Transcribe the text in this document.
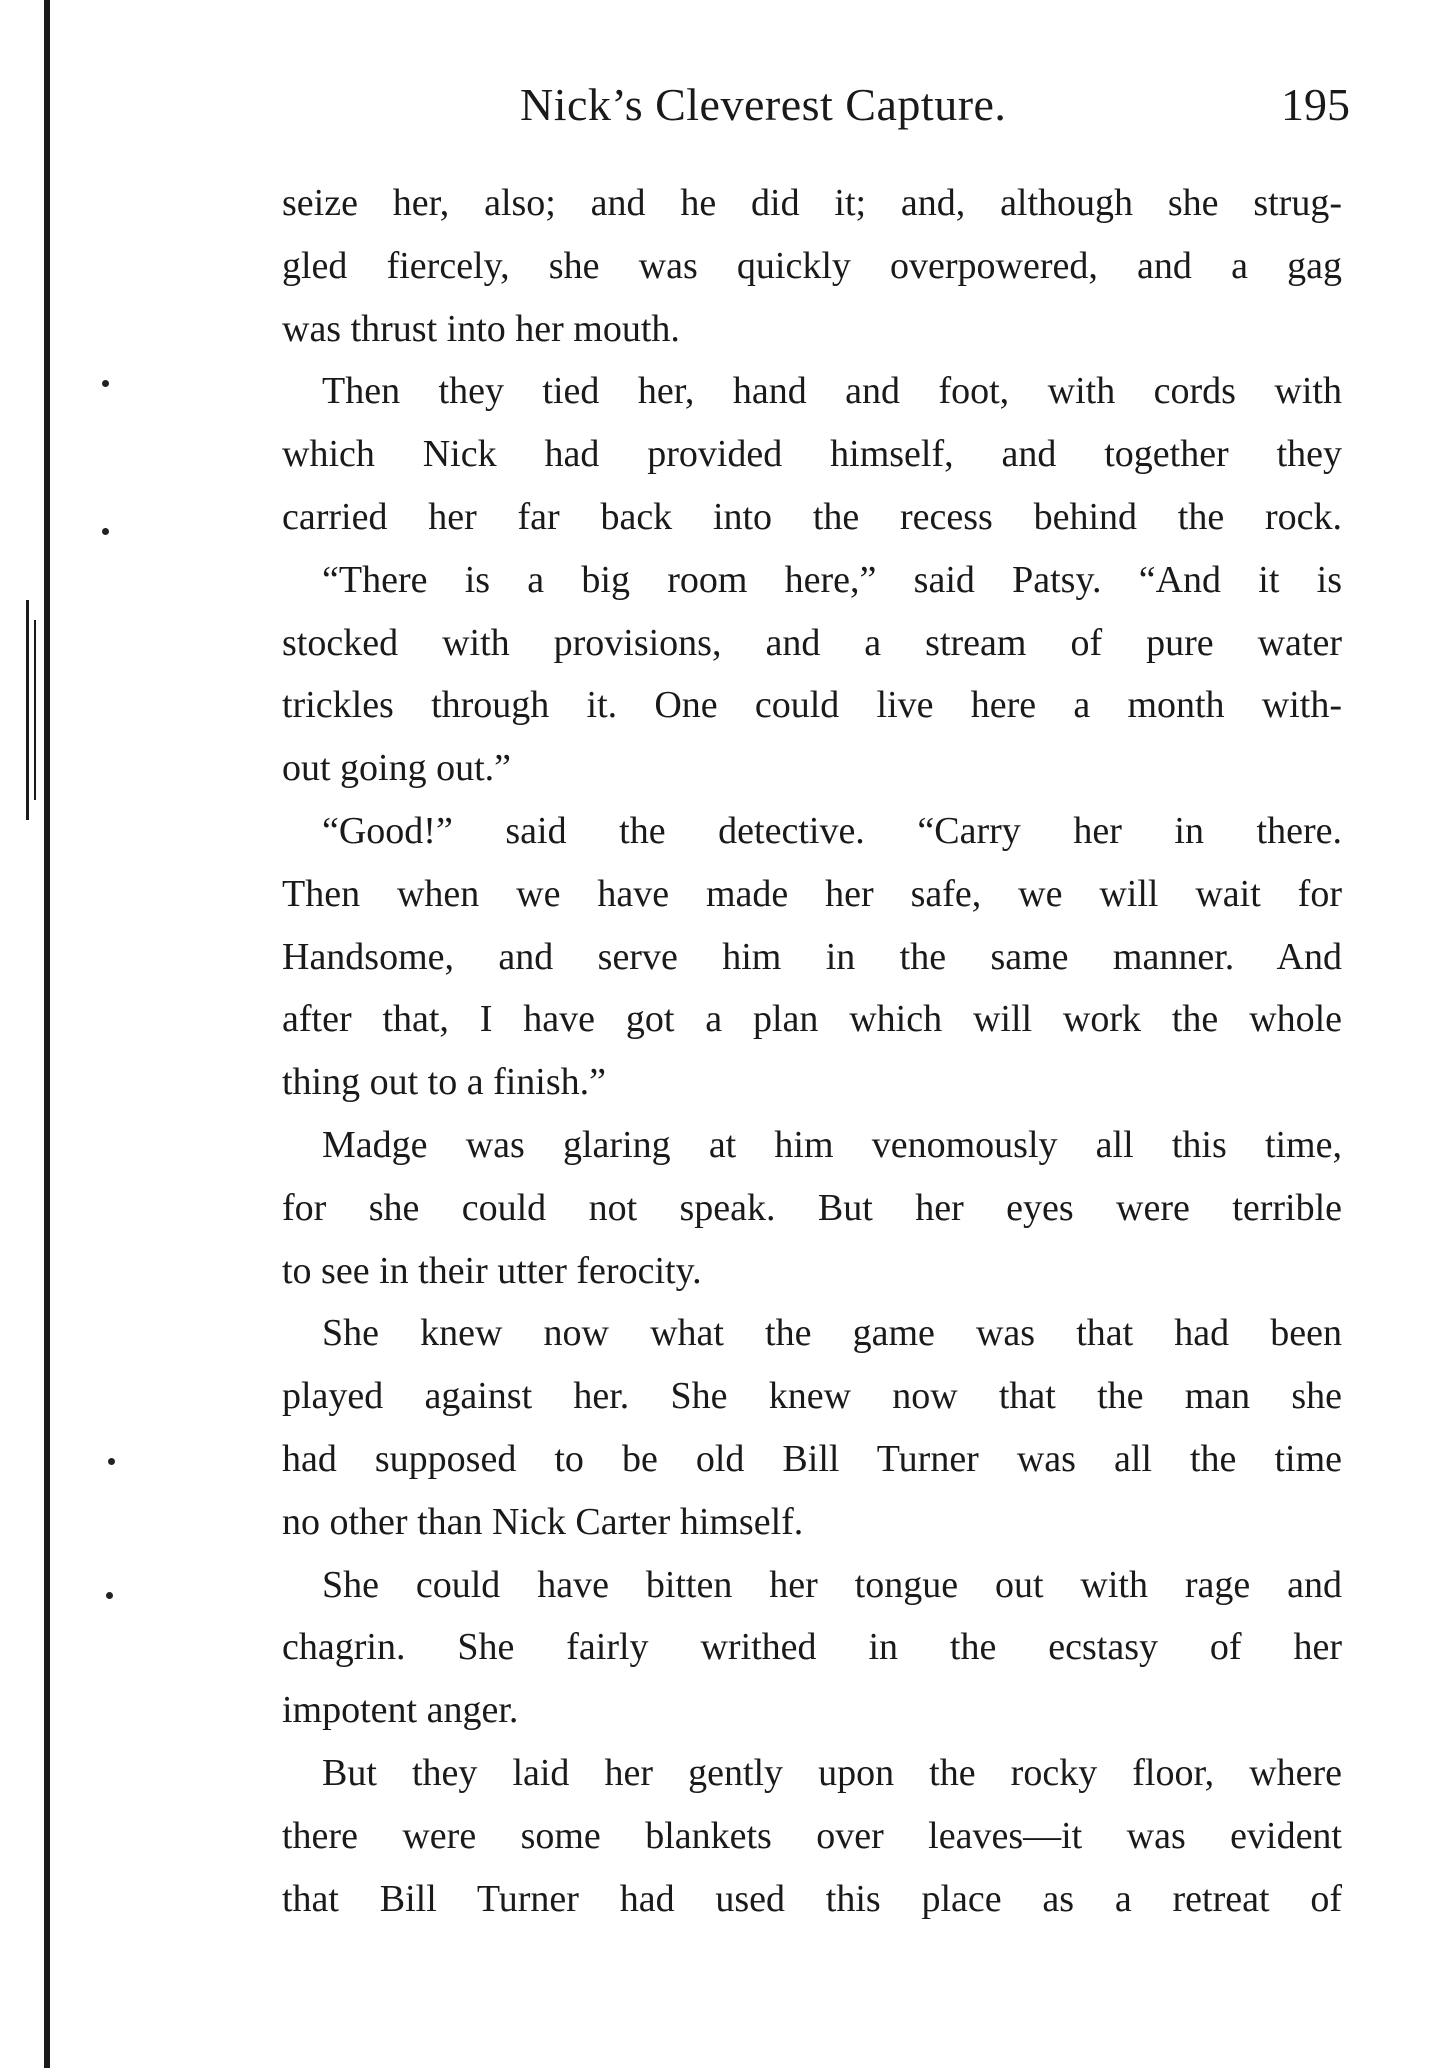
Nick’s Cleverest Capture.	195
seize her, also; and he did it; and, although she strug-
gled fiercely, she was quickly overpowered, and a gag
was thrust into her mouth.
Then they tied her, hand and foot, with cords with
which Nick had provided himself, and together they
carried her far back into the recess behind the rock.
“There is a big room here,” said Patsy. “And it is
stocked with provisions, and a stream of pure water
trickles through it. One could live here a month with-
out going out.”
“Good!” said the detective. “Carry her in there.
Then when we have made her safe, we will wait for
Handsome, and serve him in the same manner. And
after that, I have got a plan which will work the whole
thing out to a finish.”
Madge was glaring at him venomously all this time,
for she could not speak. But her eyes were terrible
to see in their utter ferocity.
She knew now what the game was that had been
played against her. She knew now that the man she
had supposed to be old Bill Turner was all the time
no other than Nick Carter himself.
She could have bitten her tongue out with rage and
chagrin. She fairly writhed in the ecstasy of her
impotent anger.
But they laid her gently upon the rocky floor, where
there were some blankets over leaves—it was evident
that Bill Turner had used this place as a retreat of
